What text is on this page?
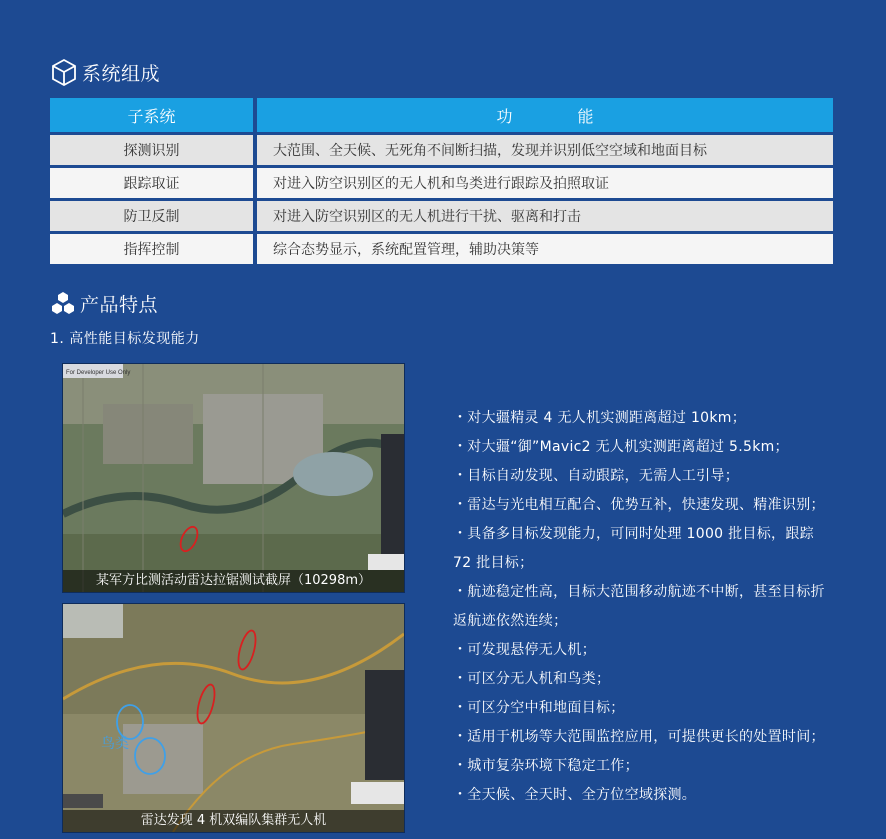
系统组成
子系统	功 能
探测识别	大范围、全天候、无死角不间断扫描，发现并识别低空空域和地面目标
跟踪取证	对进入防空识别区的无人机和鸟类进行跟踪及拍照取证
防卫反制	对进入防空识别区的无人机进行干扰、驱离和打击
指挥控制	综合态势显示，系统配置管理，辅助决策等
产品特点
1. 高性能目标发现能力
For Developer Use Only
某军方比测活动雷达拉锯测试截屏（10298m）
鸟类
雷达发现 4 机双编队集群无人机
・对大疆精灵 4 无人机实测距离超过 10km；
・对大疆“御”Mavic2 无人机实测距离超过 5.5km；
・目标自动发现、自动跟踪，无需人工引导；
・雷达与光电相互配合、优势互补，快速发现、精准识别；
・具备多目标发现能力，可同时处理 1000 批目标，跟踪 72 批目标；
・航迹稳定性高，目标大范围移动航迹不中断，甚至目标折返航迹依然连续；
・可发现悬停无人机；
・可区分无人机和鸟类；
・可区分空中和地面目标；
・适用于机场等大范围监控应用，可提供更长的处置时间；
・城市复杂环境下稳定工作；
・全天候、全天时、全方位空域探测。
